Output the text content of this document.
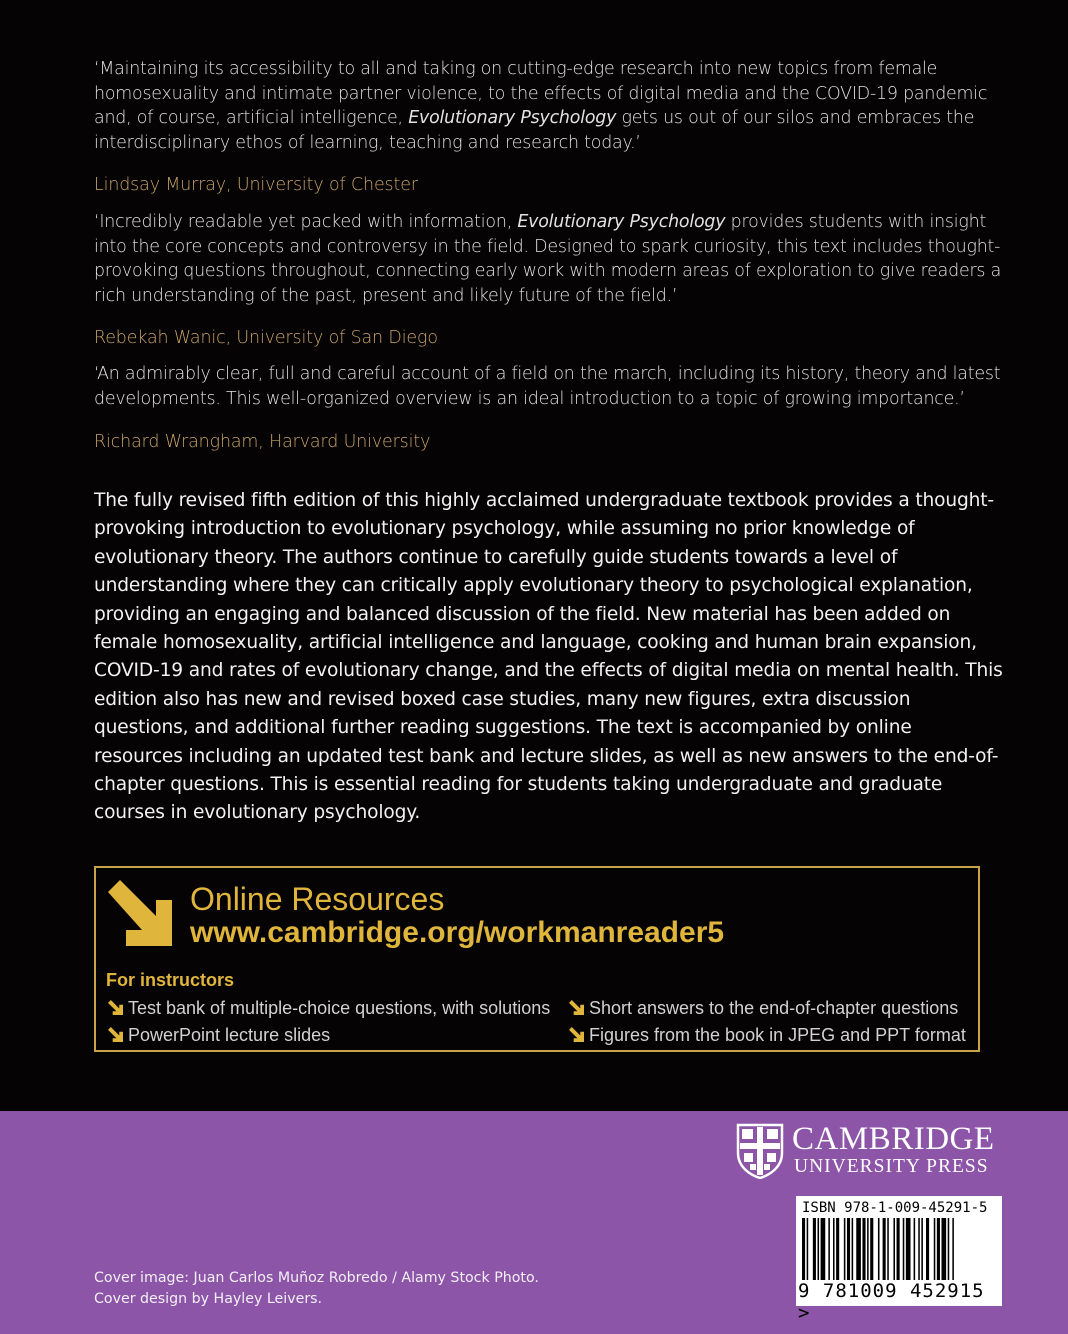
‘Maintaining its accessibility to all and taking on cutting-edge research into new topics from female homosexuality and intimate partner violence, to the effects of digital media and the COVID-19 pandemic and, of course, artificial intelligence, Evolutionary Psychology gets us out of our silos and embraces the interdisciplinary ethos of learning, teaching and research today.’

Lindsay Murray, University of Chester

‘Incredibly readable yet packed with information, Evolutionary Psychology provides students with insight into the core concepts and controversy in the field. Designed to spark curiosity, this text includes thought-provoking questions throughout, connecting early work with modern areas of exploration to give readers a rich understanding of the past, present and likely future of the field.’

Rebekah Wanic, University of San Diego

‘An admirably clear, full and careful account of a field on the march, including its history, theory and latest developments. This well-organized overview is an ideal introduction to a topic of growing importance.’

Richard Wrangham, Harvard University

The fully revised fifth edition of this highly acclaimed undergraduate textbook provides a thought-provoking introduction to evolutionary psychology, while assuming no prior knowledge of evolutionary theory. The authors continue to carefully guide students towards a level of understanding where they can critically apply evolutionary theory to psychological explanation, providing an engaging and balanced discussion of the field. New material has been added on female homosexuality, artificial intelligence and language, cooking and human brain expansion, COVID-19 and rates of evolutionary change, and the effects of digital media on mental health. This edition also has new and revised boxed case studies, many new figures, extra discussion questions, and additional further reading suggestions. The text is accompanied by online resources including an updated test bank and lecture slides, as well as new answers to the end-of-chapter questions. This is essential reading for students taking undergraduate and graduate courses in evolutionary psychology.

Online Resources
www.cambridge.org/workmanreader5
For instructors
Test bank of multiple-choice questions, with solutions	Short answers to the end-of-chapter questions
PowerPoint lecture slides	Figures from the book in JPEG and PPT format
Cover image: Juan Carlos Muñoz Robredo / Alamy Stock Photo.
Cover design by Hayley Leivers.
CAMBRIDGE
UNIVERSITY PRESS
ISBN 978-1-009-45291-5
9 781009 452915 >
